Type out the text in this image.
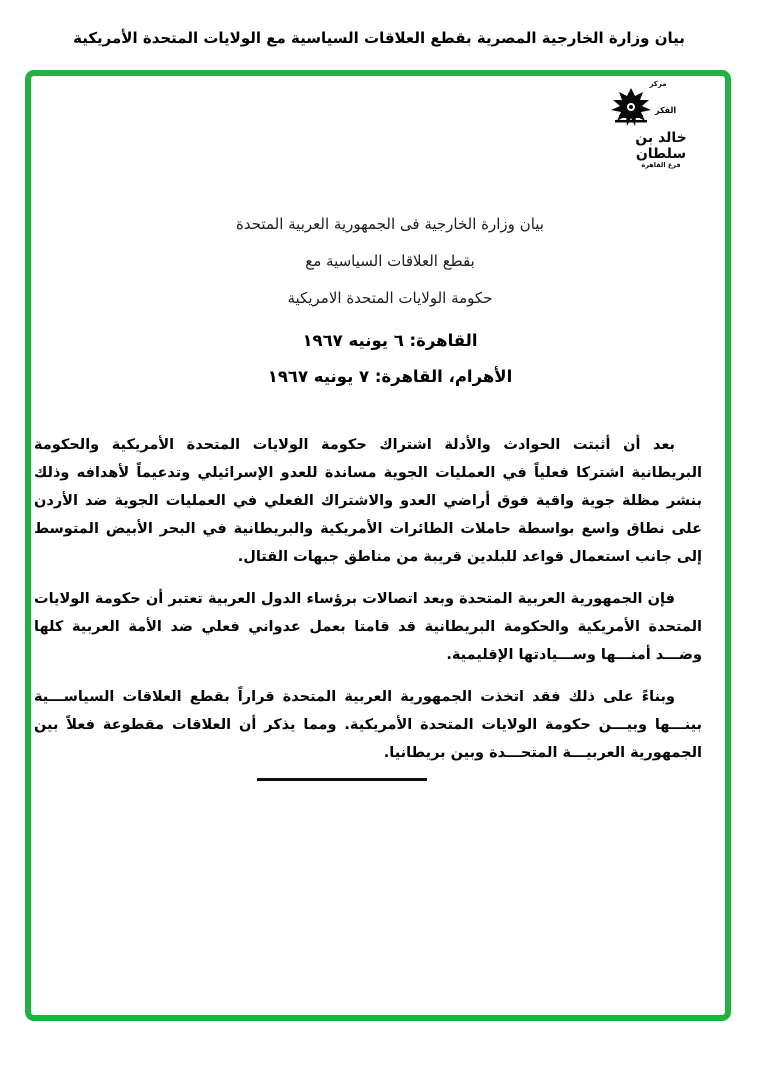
بيان وزارة الخارجية المصرية بقطع العلاقات السياسية مع الولايات المتحدة الأمريكية
مركز
الفكر
خالد بن سلطان
فرع القاهرة
بيان وزارة الخارجية فى الجمهورية العربية المتحدة
بقطع العلاقات السياسية مع
حكومة الولايات المتحدة الامريكية
القاهرة: ٦ يونيه ١٩٦٧
الأهرام، القاهرة: ٧ يونيه ١٩٦٧

بعد أن أثبتت الحوادث والأدلة اشتراك حكومة الولايات المتحدة الأمريكية والحكومة البريطانية اشتركا فعلياً في العمليات الجوية مساندة للعدو الإسرائيلي وتدعيماً لأهدافه وذلك بنشر مظلة جوية واقية فوق أراضي العدو والاشتراك الفعلي في العمليات الجوية ضد الأردن على نطاق واسع بواسطة حاملات الطائرات الأمريكية والبريطانية في البحر الأبيض المتوسط إلى جانب استعمال قواعد للبلدين قريبة من مناطق جبهات القتال.

فإن الجمهورية العربية المتحدة وبعد اتصالات برؤساء الدول العربية تعتبر أن حكومة الولايات المتحدة الأمريكية والحكومة البريطانية قد قامتا بعمل عدواني فعلي ضد الأمة العربية كلها وضـــد أمنـــها وســـيادتها الإقليمية.

وبناءً على ذلك فقد اتخذت الجمهورية العربية المتحدة قراراً بقطع العلاقات السياســـية بينـــها وبيـــن حكومة الولايات المتحدة الأمريكية. ومما يذكر أن العلاقات مقطوعة فعلاً بين الجمهورية العربيـــة المتحـــدة وبين بريطانيا.
